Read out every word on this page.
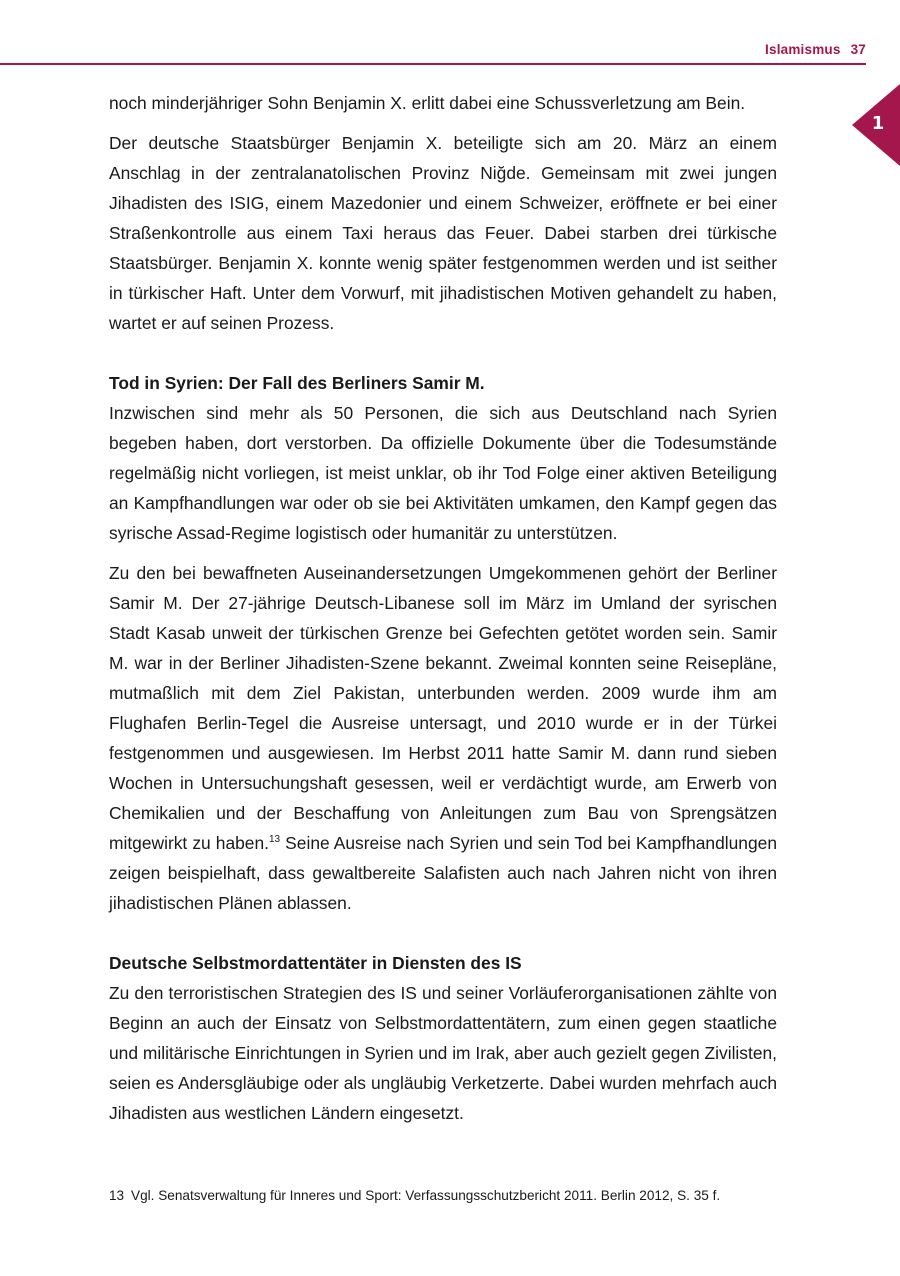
Islamismus 37
1

noch minderjähriger Sohn Benjamin X. erlitt dabei eine Schussverletzung am Bein.

Der deutsche Staatsbürger Benjamin X. beteiligte sich am 20. März an einem Anschlag in der zentralanatolischen Provinz Niğde. Gemeinsam mit zwei jungen Jihadisten des ISIG, einem Mazedonier und einem Schweizer, eröffnete er bei einer Straßenkontrolle aus einem Taxi heraus das Feuer. Dabei starben drei türkische Staatsbürger. Benjamin X. konnte wenig später festgenommen werden und ist seither in türkischer Haft. Unter dem Vorwurf, mit jihadistischen Motiven gehandelt zu haben, wartet er auf seinen Prozess.

Tod in Syrien: Der Fall des Berliners Samir M.

Inzwischen sind mehr als 50 Personen, die sich aus Deutschland nach Syrien begeben haben, dort verstorben. Da offizielle Dokumente über die Todesumstände regelmäßig nicht vorliegen, ist meist unklar, ob ihr Tod Folge einer aktiven Beteiligung an Kampfhandlungen war oder ob sie bei Aktivitäten umkamen, den Kampf gegen das syrische Assad-Regime logistisch oder humanitär zu unterstützen.

Zu den bei bewaffneten Auseinandersetzungen Umgekommenen gehört der Berliner Samir M. Der 27-jährige Deutsch-Libanese soll im März im Umland der syrischen Stadt Kasab unweit der türkischen Grenze bei Gefechten getötet worden sein. Samir M. war in der Berliner Jihadisten-Szene bekannt. Zweimal konnten seine Reisepläne, mutmaßlich mit dem Ziel Pakistan, unterbunden werden. 2009 wurde ihm am Flughafen Berlin-Tegel die Ausreise untersagt, und 2010 wurde er in der Türkei festgenommen und ausgewiesen. Im Herbst 2011 hatte Samir M. dann rund sieben Wochen in Untersuchungshaft gesessen, weil er verdächtigt wurde, am Erwerb von Chemikalien und der Beschaffung von Anleitungen zum Bau von Sprengsätzen mitgewirkt zu haben.$^{13}$ Seine Ausreise nach Syrien und sein Tod bei Kampfhandlungen zeigen beispielhaft, dass gewaltbereite Salafisten auch nach Jahren nicht von ihren jihadistischen Plänen ablassen.

Deutsche Selbstmordattentäter in Diensten des IS

Zu den terroristischen Strategien des IS und seiner Vorläuferorganisationen zählte von Beginn an auch der Einsatz von Selbstmordattentätern, zum einen gegen staatliche und militärische Einrichtungen in Syrien und im Irak, aber auch gezielt gegen Zivilisten, seien es Andersgläubige oder als ungläubig Verketzerte. Dabei wurden mehrfach auch Jihadisten aus westlichen Ländern eingesetzt.

13 Vgl. Senatsverwaltung für Inneres und Sport: Verfassungsschutzbericht 2011. Berlin 2012, S. 35 f.
